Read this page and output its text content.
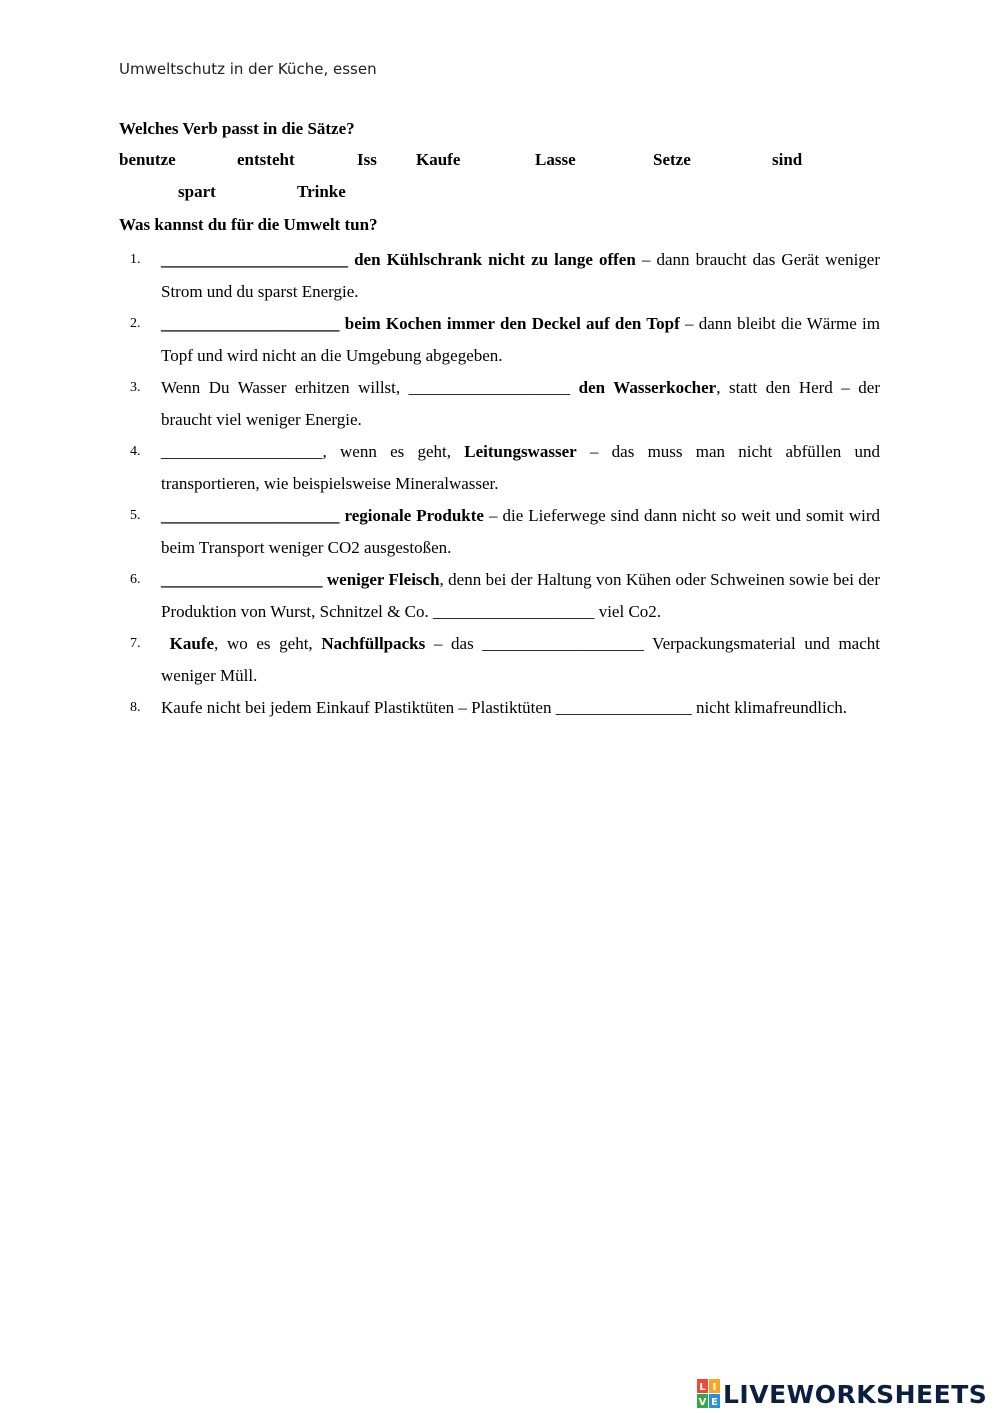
Umweltschutz in der Küche, essen
Welches Verb passt in die Sätze?
benutze	entsteht	Iss Kaufe	Lasse	Setze	sind
spart	Trinke
Was kannst du für die Umwelt tun?
1.	______________________ den Kühlschrank nicht zu lange offen – dann braucht das Gerät weniger Strom und du sparst Energie.
2.	_____________________ beim Kochen immer den Deckel auf den Topf – dann bleibt die Wärme im Topf und wird nicht an die Umgebung abgegeben.
3.	Wenn Du Wasser erhitzen willst, ___________________ den Wasserkocher, statt den Herd – der braucht viel weniger Energie.
4.	___________________, wenn es geht, Leitungswasser – das muss man nicht abfüllen und transportieren, wie beispielsweise Mineralwasser.
5.	_____________________ regionale Produkte – die Lieferwege sind dann nicht so weit und somit wird beim Transport weniger CO2 ausgestoßen.
6.	___________________ weniger Fleisch, denn bei der Haltung von Kühen oder Schweinen sowie bei der Produktion von Wurst, Schnitzel & Co. ___________________ viel Co2.
7.	Kaufe, wo es geht, Nachfüllpacks – das ___________________ Verpackungsmaterial und macht weniger Müll.
8.	Kaufe nicht bei jedem Einkauf Plastiktüten – Plastiktüten ________________ nicht klimafreundlich.
L I
V E LIVEWORKSHEETS
